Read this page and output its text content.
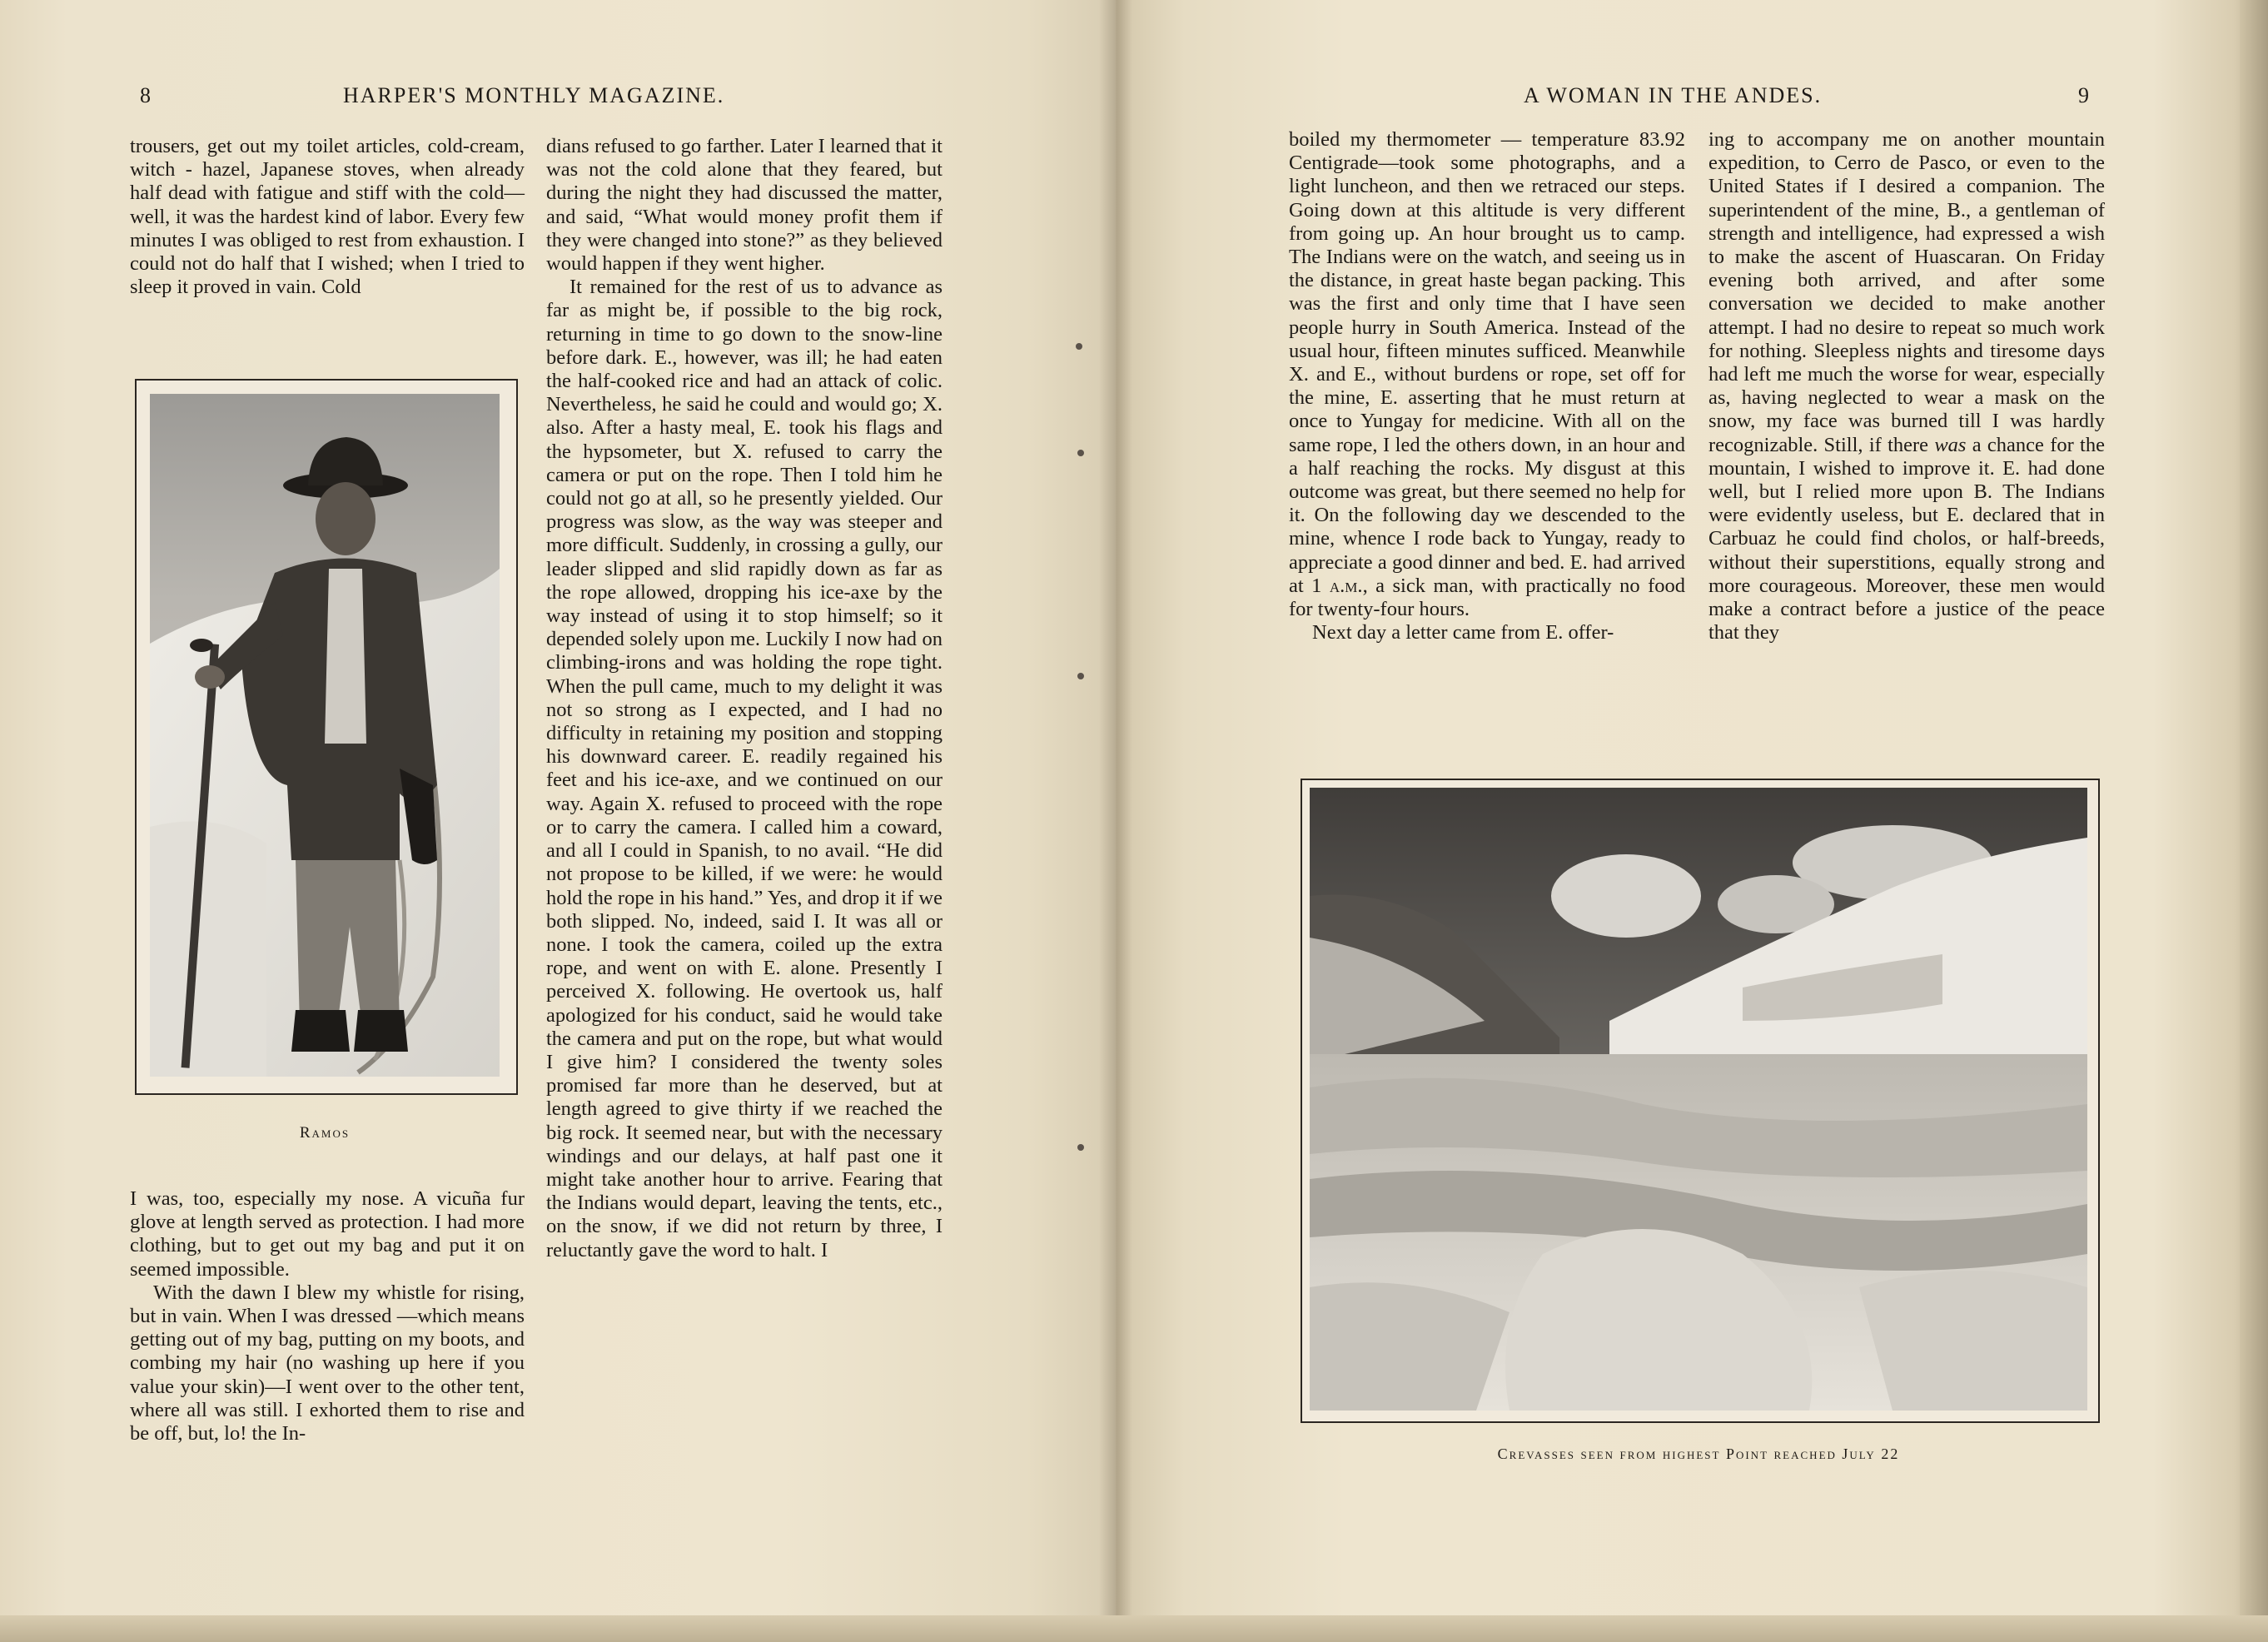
8	HARPER'S MONTHLY MAGAZINE.

trousers, get out my toilet articles, cold-cream, witch - hazel, Japanese stoves, when already half dead with fatigue and stiff with the cold—well, it was the hardest kind of labor. Every few minutes I was obliged to rest from exhaustion. I could not do half that I wished; when I tried to sleep it proved in vain. Cold

Ramos

I was, too, especially my nose. A vicuña fur glove at length served as protection. I had more clothing, but to get out my bag and put it on seemed impossible.

With the dawn I blew my whistle for rising, but in vain. When I was dressed —which means getting out of my bag, putting on my boots, and combing my hair (no washing up here if you value your skin)—I went over to the other tent, where all was still. I exhorted them to rise and be off, but, lo! the In-

dians refused to go farther. Later I learned that it was not the cold alone that they feared, but during the night they had discussed the matter, and said, “What would money profit them if they were changed into stone?” as they believed would happen if they went higher.

It remained for the rest of us to advance as far as might be, if possible to the big rock, returning in time to go down to the snow-line before dark. E., however, was ill; he had eaten the half-cooked rice and had an attack of colic. Nevertheless, he said he could and would go; X. also. After a hasty meal, E. took his flags and the hypsometer, but X. refused to carry the camera or put on the rope. Then I told him he could not go at all, so he presently yielded. Our progress was slow, as the way was steeper and more difficult. Suddenly, in crossing a gully, our leader slipped and slid rapidly down as far as the rope allowed, dropping his ice-axe by the way instead of using it to stop himself; so it depended solely upon me. Luckily I now had on climbing-irons and was holding the rope tight. When the pull came, much to my delight it was not so strong as I expected, and I had no difficulty in retaining my position and stopping his downward career. E. readily regained his feet and his ice-axe, and we continued on our way. Again X. refused to proceed with the rope or to carry the camera. I called him a coward, and all I could in Spanish, to no avail. “He did not propose to be killed, if we were: he would hold the rope in his hand.” Yes, and drop it if we both slipped. No, indeed, said I. It was all or none. I took the camera, coiled up the extra rope, and went on with E. alone. Presently I perceived X. following. He overtook us, half apologized for his conduct, said he would take the camera and put on the rope, but what would I give him? I considered the twenty soles promised far more than he deserved, but at length agreed to give thirty if we reached the big rock. It seemed near, but with the necessary windings and our delays, at half past one it might take another hour to arrive. Fearing that the Indians would depart, leaving the tents, etc., on the snow, if we did not return by three, I reluctantly gave the word to halt. I

A WOMAN IN THE ANDES.	9

boiled my thermometer — temperature 83.92 Centigrade—took some photographs, and a light luncheon, and then we retraced our steps. Going down at this altitude is very different from going up. An hour brought us to camp. The Indians were on the watch, and seeing us in the distance, in great haste began packing. This was the first and only time that I have seen people hurry in South America. Instead of the usual hour, fifteen minutes sufficed. Meanwhile X. and E., without burdens or rope, set off for the mine, E. asserting that he must return at once to Yungay for medicine. With all on the same rope, I led the others down, in an hour and a half reaching the rocks. My disgust at this outcome was great, but there seemed no help for it. On the following day we descended to the mine, whence I rode back to Yungay, ready to appreciate a good dinner and bed. E. had arrived at 1 a.m., a sick man, with practically no food for twenty-four hours.

Next day a letter came from E. offer-

ing to accompany me on another mountain expedition, to Cerro de Pasco, or even to the United States if I desired a companion. The superintendent of the mine, B., a gentleman of strength and intelligence, had expressed a wish to make the ascent of Huascaran. On Friday evening both arrived, and after some conversation we decided to make another attempt. I had no desire to repeat so much work for nothing. Sleepless nights and tiresome days had left me much the worse for wear, especially as, having neglected to wear a mask on the snow, my face was burned till I was hardly recognizable. Still, if there was a chance for the mountain, I wished to improve it. E. had done well, but I relied more upon B. The Indians were evidently useless, but E. declared that in Carbuaz he could find cholos, or half-breeds, without their superstitions, equally strong and more courageous. Moreover, these men would make a contract before a justice of the peace that they

Crevasses seen from highest Point reached July 22
